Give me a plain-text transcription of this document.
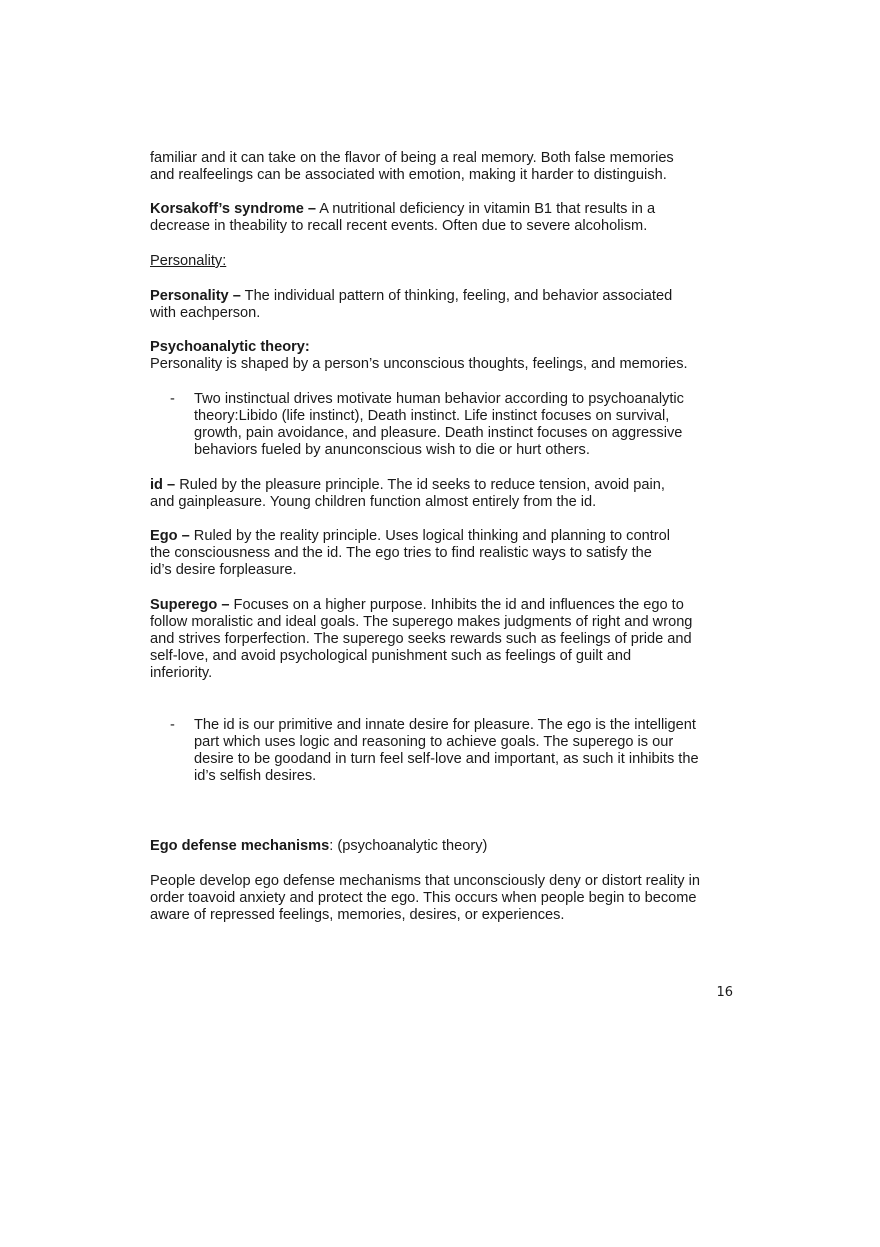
familiar and it can take on the flavor of being a real memory. Both false memories
and realfeelings can be associated with emotion, making it harder to distinguish.
Korsakoff’s syndrome – A nutritional deficiency in vitamin B1 that results in a
decrease in theability to recall recent events. Often due to severe alcoholism.
Personality:
Personality – The individual pattern of thinking, feeling, and behavior associated
with eachperson.
Psychoanalytic theory:
Personality is shaped by a person’s unconscious thoughts, feelings, and memories.
- Two instinctual drives motivate human behavior according to psychoanalytic
theory:Libido (life instinct), Death instinct. Life instinct focuses on survival,
growth, pain avoidance, and pleasure. Death instinct focuses on aggressive
behaviors fueled by anunconscious wish to die or hurt others.
id – Ruled by the pleasure principle. The id seeks to reduce tension, avoid pain,
and gainpleasure. Young children function almost entirely from the id.
Ego – Ruled by the reality principle. Uses logical thinking and planning to control
the consciousness and the id. The ego tries to find realistic ways to satisfy the
id’s desire forpleasure.
Superego – Focuses on a higher purpose. Inhibits the id and influences the ego to
follow moralistic and ideal goals. The superego makes judgments of right and wrong
and strives forperfection. The superego seeks rewards such as feelings of pride and
self-love, and avoid psychological punishment such as feelings of guilt and
inferiority.
- The id is our primitive and innate desire for pleasure. The ego is the intelligent
part which uses logic and reasoning to achieve goals. The superego is our
desire to be goodand in turn feel self-love and important, as such it inhibits the
id’s selfish desires.
Ego defense mechanisms: (psychoanalytic theory)
People develop ego defense mechanisms that unconsciously deny or distort reality in
order toavoid anxiety and protect the ego. This occurs when people begin to become
aware of repressed feelings, memories, desires, or experiences.
16
